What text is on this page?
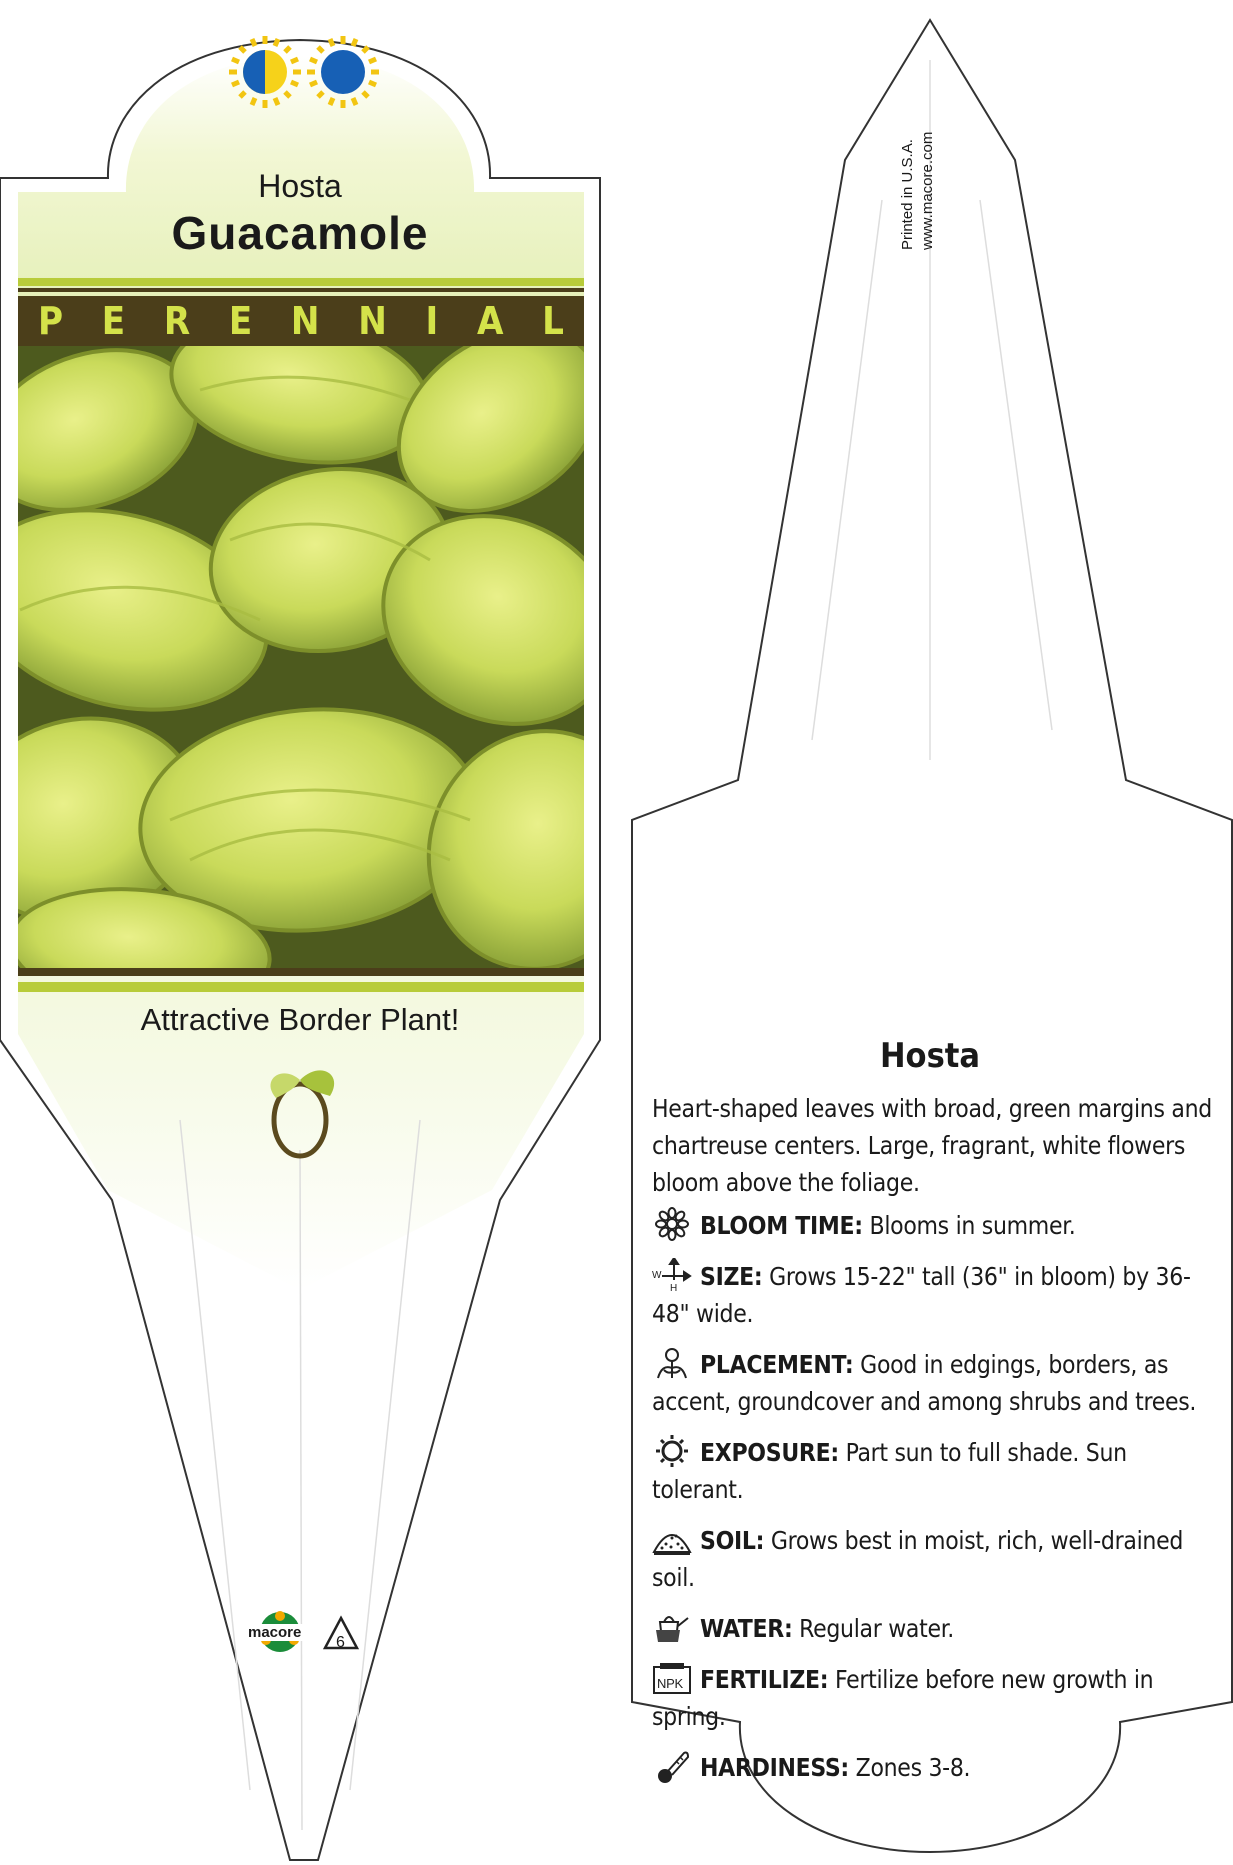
Hosta

Guacamole

P E R E N N I A L

Attractive Border Plant!

macore
6
Printed in U.S.A. www.macore.com

Hosta

Heart-shaped leaves with broad, green margins and chartreuse centers. Large, fragrant, white flowers bloom above the foliage.

BLOOM TIME: Blooms in summer.

W
H SIZE: Grows 15-22" tall (36" in bloom) by 36-48" wide.

PLACEMENT: Good in edgings, borders, as accent, groundcover and among shrubs and trees.

EXPOSURE: Part sun to full shade. Sun tolerant.

SOIL: Grows best in moist, rich, well-drained soil.

WATER: Regular water.

NPK FERTILIZE: Fertilize before new growth in spring.

HARDINESS: Zones 3-8.
